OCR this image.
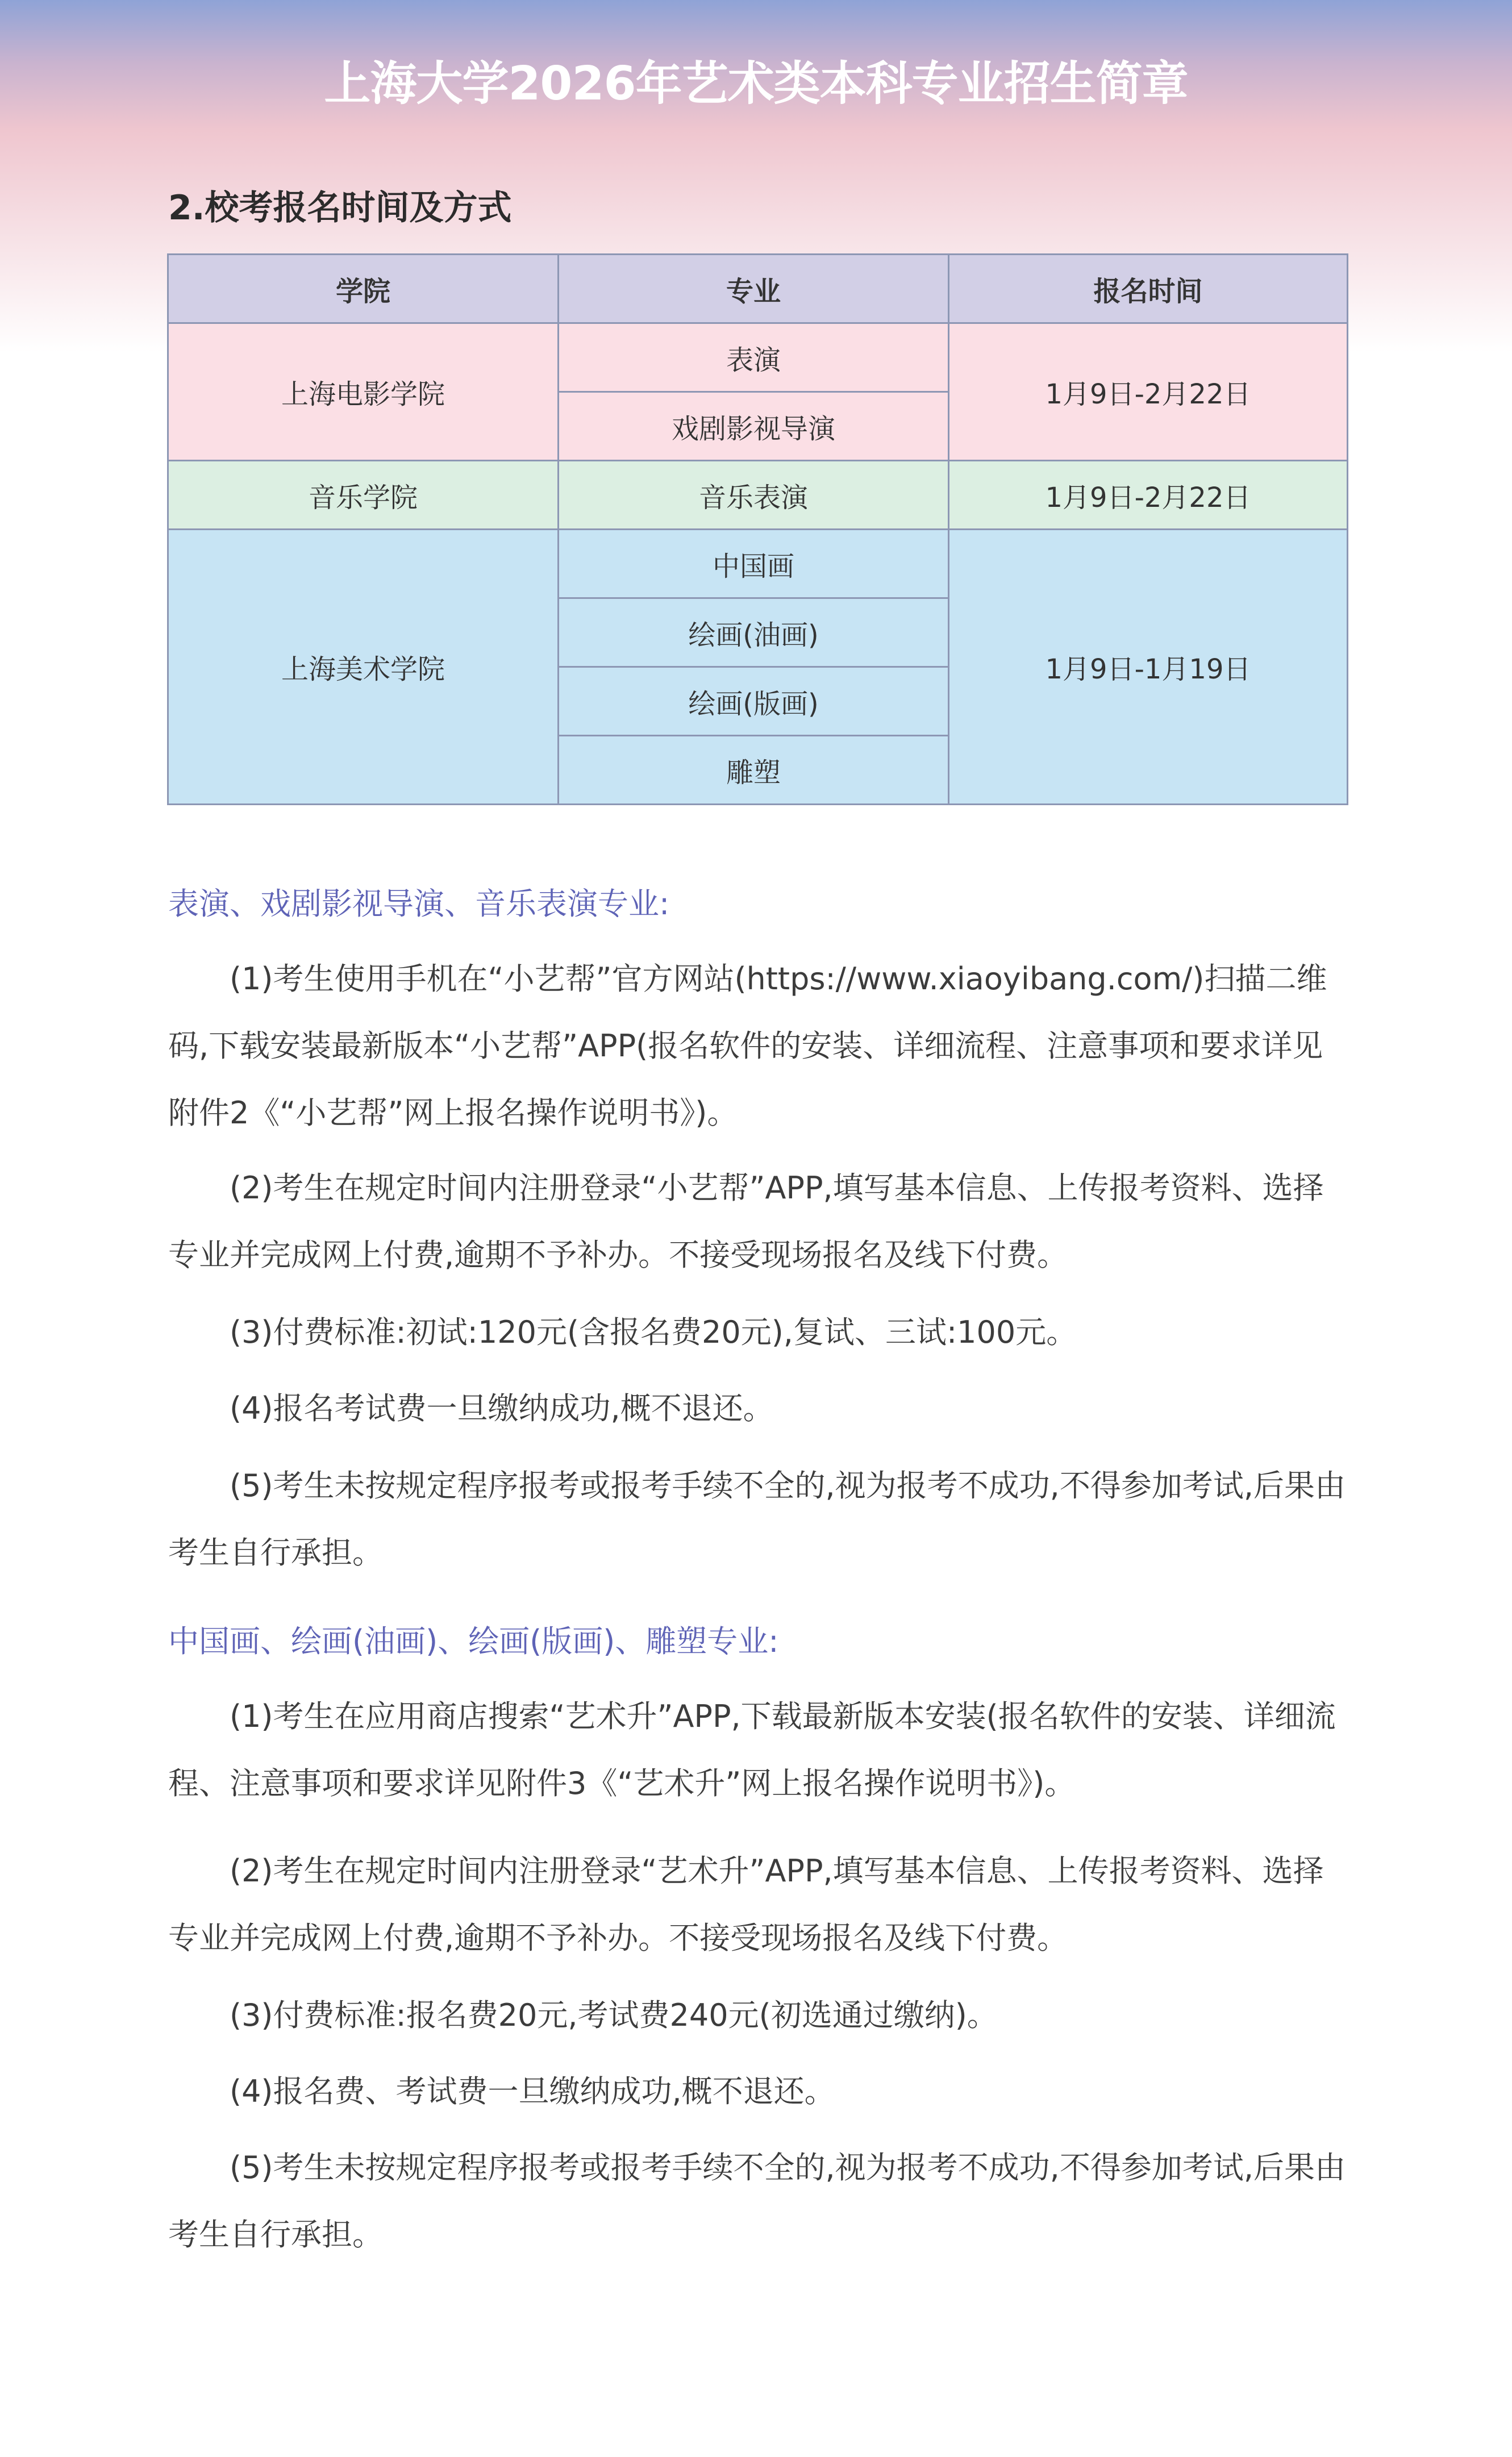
上海大学2026年艺术类本科专业招生简章
2.校考报名时间及方式
学院	专业	报名时间
上海电影学院	表演	1月9日-2月22日
	戏剧影视导演	
音乐学院	音乐表演	1月9日-2月22日
上海美术学院	中国画	1月9日-1月19日
	绘画(油画)	
	绘画(版画)	
	雕塑	
表演、戏剧影视导演、音乐表演专业:
(1)考生使用手机在“小艺帮”官方网站(https://www.xiaoyibang.com/)扫描二维码,下载安装最新版本“小艺帮”APP(报名软件的安装、详细流程、注意事项和要求详见附件2《“小艺帮”网上报名操作说明书》)。
(2)考生在规定时间内注册登录“小艺帮”APP,填写基本信息、上传报考资料、选择专业并完成网上付费,逾期不予补办。不接受现场报名及线下付费。
(3)付费标准:初试:120元(含报名费20元),复试、三试:100元。
(4)报名考试费一旦缴纳成功,概不退还。
(5)考生未按规定程序报考或报考手续不全的,视为报考不成功,不得参加考试,后果由考生自行承担。
中国画、绘画(油画)、绘画(版画)、雕塑专业:
(1)考生在应用商店搜索“艺术升”APP,下载最新版本安装(报名软件的安装、详细流程、注意事项和要求详见附件3《“艺术升”网上报名操作说明书》)。
(2)考生在规定时间内注册登录“艺术升”APP,填写基本信息、上传报考资料、选择专业并完成网上付费,逾期不予补办。不接受现场报名及线下付费。
(3)付费标准:报名费20元,考试费240元(初选通过缴纳)。
(4)报名费、考试费一旦缴纳成功,概不退还。
(5)考生未按规定程序报考或报考手续不全的,视为报考不成功,不得参加考试,后果由考生自行承担。
